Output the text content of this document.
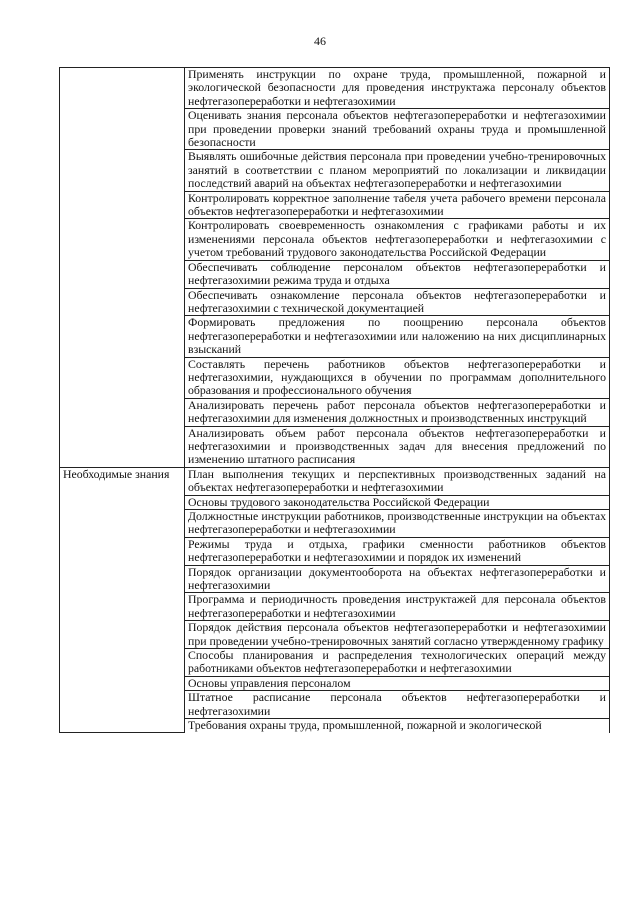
46
	Применять инструкции по охране труда, промышленной, пожарной и экологической безопасности для проведения инструктажа персоналу объектов нефтегазопереработки и нефтегазохимии
	Оценивать знания персонала объектов нефтегазопереработки и нефтегазохимии при проведении проверки знаний требований охраны труда и промышленной безопасности
	Выявлять ошибочные действия персонала при проведении учебно-тренировочных занятий в соответствии с планом мероприятий по локализации и ликвидации последствий аварий на объектах нефтегазопереработки и нефтегазохимии
	Контролировать корректное заполнение табеля учета рабочего времени персонала объектов нефтегазопереработки и нефтегазохимии
	Контролировать своевременность ознакомления с графиками работы и их изменениями персонала объектов нефтегазопереработки и нефтегазохимии с учетом требований трудового законодательства Российской Федерации
	Обеспечивать соблюдение персоналом объектов нефтегазопереработки и нефтегазохимии режима труда и отдыха
	Обеспечивать ознакомление персонала объектов нефтегазопереработки и нефтегазохимии с технической документацией
	Формировать предложения по поощрению персонала объектов нефтегазопереработки и нефтегазохимии или наложению на них дисциплинарных взысканий
	Составлять перечень работников объектов нефтегазопереработки и нефтегазохимии, нуждающихся в обучении по программам дополнительного образования и профессионального обучения
	Анализировать перечень работ персонала объектов нефтегазопереработки и нефтегазохимии для изменения должностных и производственных инструкций
	Анализировать объем работ персонала объектов нефтегазопереработки и нефтегазохимии и производственных задач для внесения предложений по изменению штатного расписания
Необходимые знания	План выполнения текущих и перспективных производственных заданий на объектах нефтегазопереработки и нефтегазохимии
	Основы трудового законодательства Российской Федерации
	Должностные инструкции работников, производственные инструкции на объектах нефтегазопереработки и нефтегазохимии
	Режимы труда и отдыха, графики сменности работников объектов нефтегазопереработки и нефтегазохимии и порядок их изменений
	Порядок организации документооборота на объектах нефтегазопереработки и нефтегазохимии
	Программа и периодичность проведения инструктажей для персонала объектов нефтегазопереработки и нефтегазохимии
	Порядок действия персонала объектов нефтегазопереработки и нефтегазохимии при проведении учебно-тренировочных занятий согласно утвержденному графику
	Способы планирования и распределения технологических операций между работниками объектов нефтегазопереработки и нефтегазохимии
	Основы управления персоналом
	Штатное расписание персонала объектов нефтегазопереработки и нефтегазохимии
	Требования охраны труда, промышленной, пожарной и экологической
